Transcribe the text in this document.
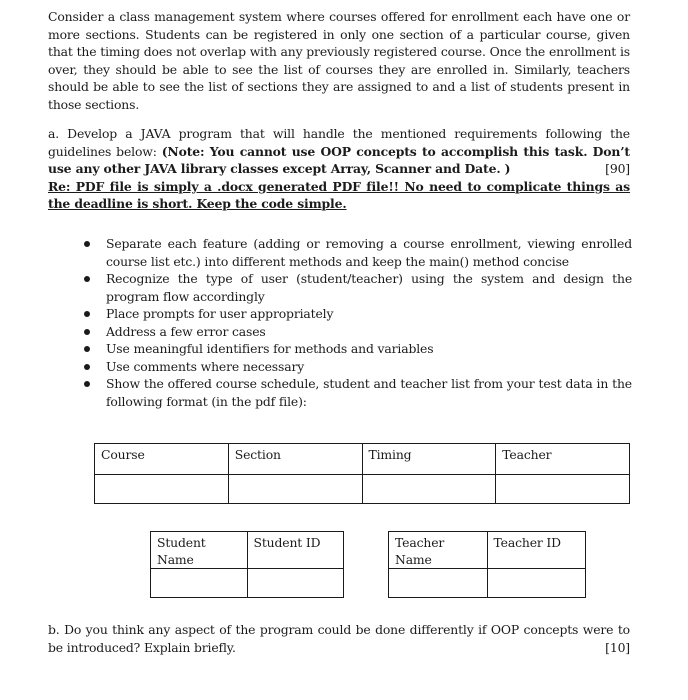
Consider a class management system where courses offered for enrollment each have one or more sections. Students can be registered in only one section of a particular course, given that the timing does not overlap with any previously registered course. Once the enrollment is over, they should be able to see the list of courses they are enrolled in. Similarly, teachers should be able to see the list of sections they are assigned to and a list of students present in those sections.

a. Develop a JAVA program that will handle the mentioned requirements following the guidelines below: (Note: You cannot use OOP concepts to accomplish this task. Don’t use any other JAVA library classes except Array, Scanner and Date. )	[90]

Re: PDF file is simply a .docx generated PDF file!! No need to complicate things as the deadline is short. Keep the code simple.

Separate each feature (adding or removing a course enrollment, viewing enrolled course list etc.) into different methods and keep the main() method concise
Recognize the type of user (student/teacher) using the system and design the program flow accordingly
Place prompts for user appropriately
Address a few error cases
Use meaningful identifiers for methods and variables
Use comments where necessary
Show the offered course schedule, student and teacher list from your test data in the following format (in the pdf file):
Course	Section	Timing	Teacher

Student Name	Student ID
		Teacher Name	Teacher ID

b. Do you think any aspect of the program could be done differently if OOP concepts were to be introduced? Explain briefly.	[10]
